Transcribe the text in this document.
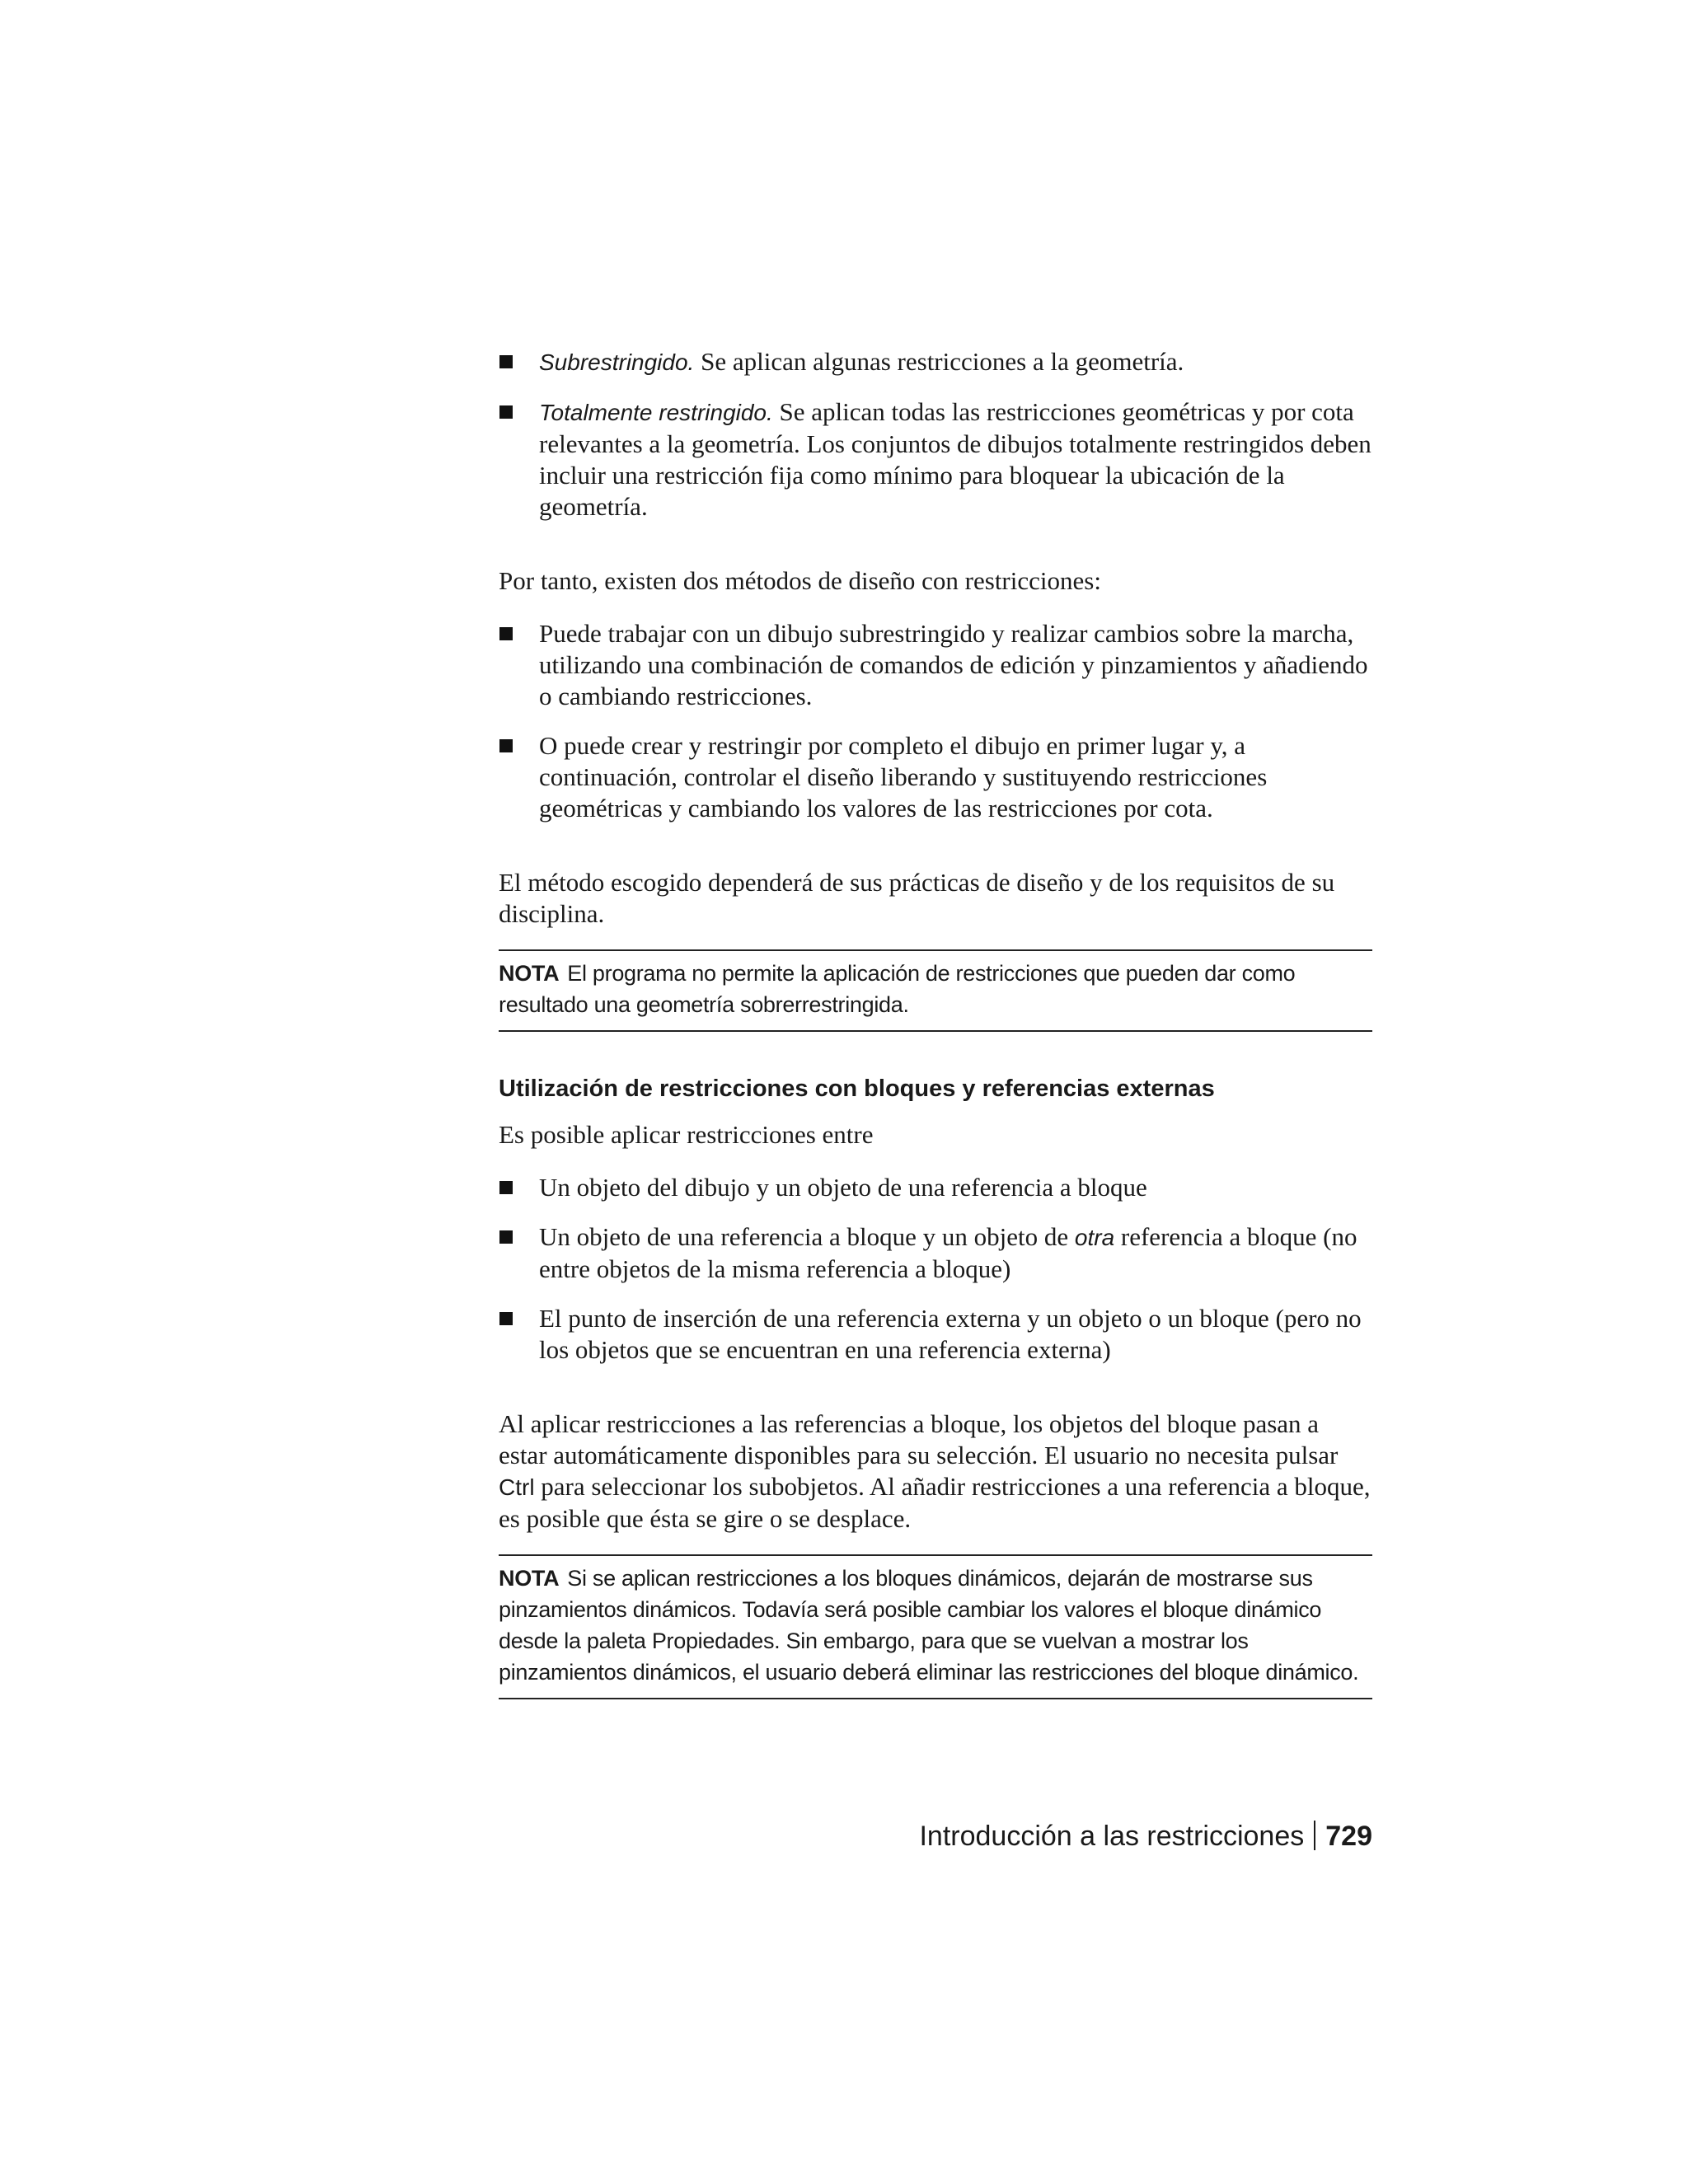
Subrestringido. Se aplican algunas restricciones a la geometría.
Totalmente restringido. Se aplican todas las restricciones geométricas y por cota relevantes a la geometría. Los conjuntos de dibujos totalmente restringidos deben incluir una restricción fija como mínimo para bloquear la ubicación de la geometría.

Por tanto, existen dos métodos de diseño con restricciones:

Puede trabajar con un dibujo subrestringido y realizar cambios sobre la marcha, utilizando una combinación de comandos de edición y pinzamientos y añadiendo o cambiando restricciones.
O puede crear y restringir por completo el dibujo en primer lugar y, a continuación, controlar el diseño liberando y sustituyendo restricciones geométricas y cambiando los valores de las restricciones por cota.

El método escogido dependerá de sus prácticas de diseño y de los requisitos de su disciplina.

NOTA El programa no permite la aplicación de restricciones que pueden dar como resultado una geometría sobrerrestringida.
Utilización de restricciones con bloques y referencias externas

Es posible aplicar restricciones entre

Un objeto del dibujo y un objeto de una referencia a bloque
Un objeto de una referencia a bloque y un objeto de otra referencia a bloque (no entre objetos de la misma referencia a bloque)
El punto de inserción de una referencia externa y un objeto o un bloque (pero no los objetos que se encuentran en una referencia externa)

Al aplicar restricciones a las referencias a bloque, los objetos del bloque pasan a estar automáticamente disponibles para su selección. El usuario no necesita pulsar Ctrl para seleccionar los subobjetos. Al añadir restricciones a una referencia a bloque, es posible que ésta se gire o se desplace.

NOTA Si se aplican restricciones a los bloques dinámicos, dejarán de mostrarse sus pinzamientos dinámicos. Todavía será posible cambiar los valores el bloque dinámico desde la paleta Propiedades. Sin embargo, para que se vuelvan a mostrar los pinzamientos dinámicos, el usuario deberá eliminar las restricciones del bloque dinámico.
Introducción a las restricciones 729
